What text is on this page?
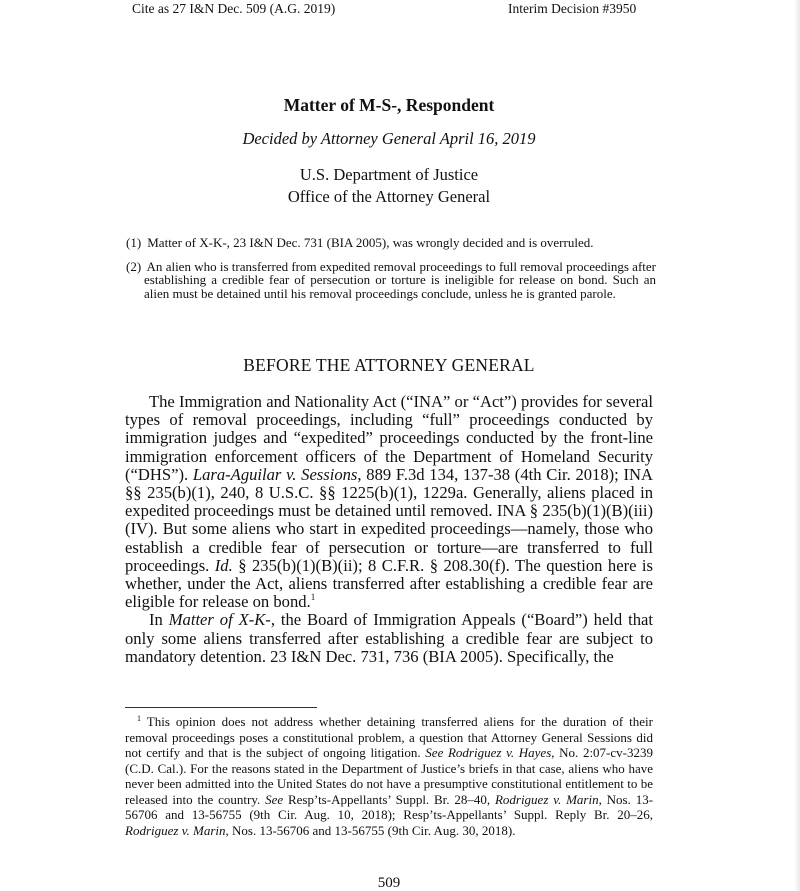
Cite as 27 I&N Dec. 509 (A.G. 2019)	Interim Decision #3950
Matter of M-S-, Respondent
Decided by Attorney General April 16, 2019
U.S. Department of Justice
Office of the Attorney General
(1) Matter of X-K-, 23 I&N Dec. 731 (BIA 2005), was wrongly decided and is overruled.
(2) An alien who is transferred from expedited removal proceedings to full removal proceedings after establishing a credible fear of persecution or torture is ineligible for release on bond. Such an alien must be detained until his removal proceedings conclude, unless he is granted parole.
BEFORE THE ATTORNEY GENERAL

The Immigration and Nationality Act (“INA” or “Act”) provides for several types of removal proceedings, including “full” proceedings conducted by immigration judges and “expedited” proceedings conducted by the front-line immigration enforcement officers of the Department of Homeland Security (“DHS”). Lara-Aguilar v. Sessions, 889 F.3d 134, 137-38 (4th Cir. 2018); INA §§ 235(b)(1), 240, 8 U.S.C. §§ 1225(b)(1), 1229a. Generally, aliens placed in expedited proceedings must be detained until removed. INA § 235(b)(1)(B)(iii)(IV). But some aliens who start in expedited proceedings—namely, those who establish a credible fear of persecution or torture—are transferred to full proceedings. Id. § 235(b)(1)(B)(ii); 8 C.F.R. § 208.30(f). The question here is whether, under the Act, aliens transferred after establishing a credible fear are eligible for release on bond.$^1$

In Matter of X-K-, the Board of Immigration Appeals (“Board”) held that only some aliens transferred after establishing a credible fear are subject to mandatory detention. 23 I&N Dec. 731, 736 (BIA 2005). Specifically, the

$^1$ This opinion does not address whether detaining transferred aliens for the duration of their removal proceedings poses a constitutional problem, a question that Attorney General Sessions did not certify and that is the subject of ongoing litigation. See Rodriguez v. Hayes, No. 2:07-cv-3239 (C.D. Cal.). For the reasons stated in the Department of Justice’s briefs in that case, aliens who have never been admitted into the United States do not have a presumptive constitutional entitlement to be released into the country. See Resp’ts-Appellants’ Suppl. Br. 28–40, Rodriguez v. Marin, Nos. 13-56706 and 13-56755 (9th Cir. Aug. 10, 2018); Resp’ts-Appellants’ Suppl. Reply Br. 20–26, Rodriguez v. Marin, Nos. 13-56706 and 13-56755 (9th Cir. Aug. 30, 2018).

509
